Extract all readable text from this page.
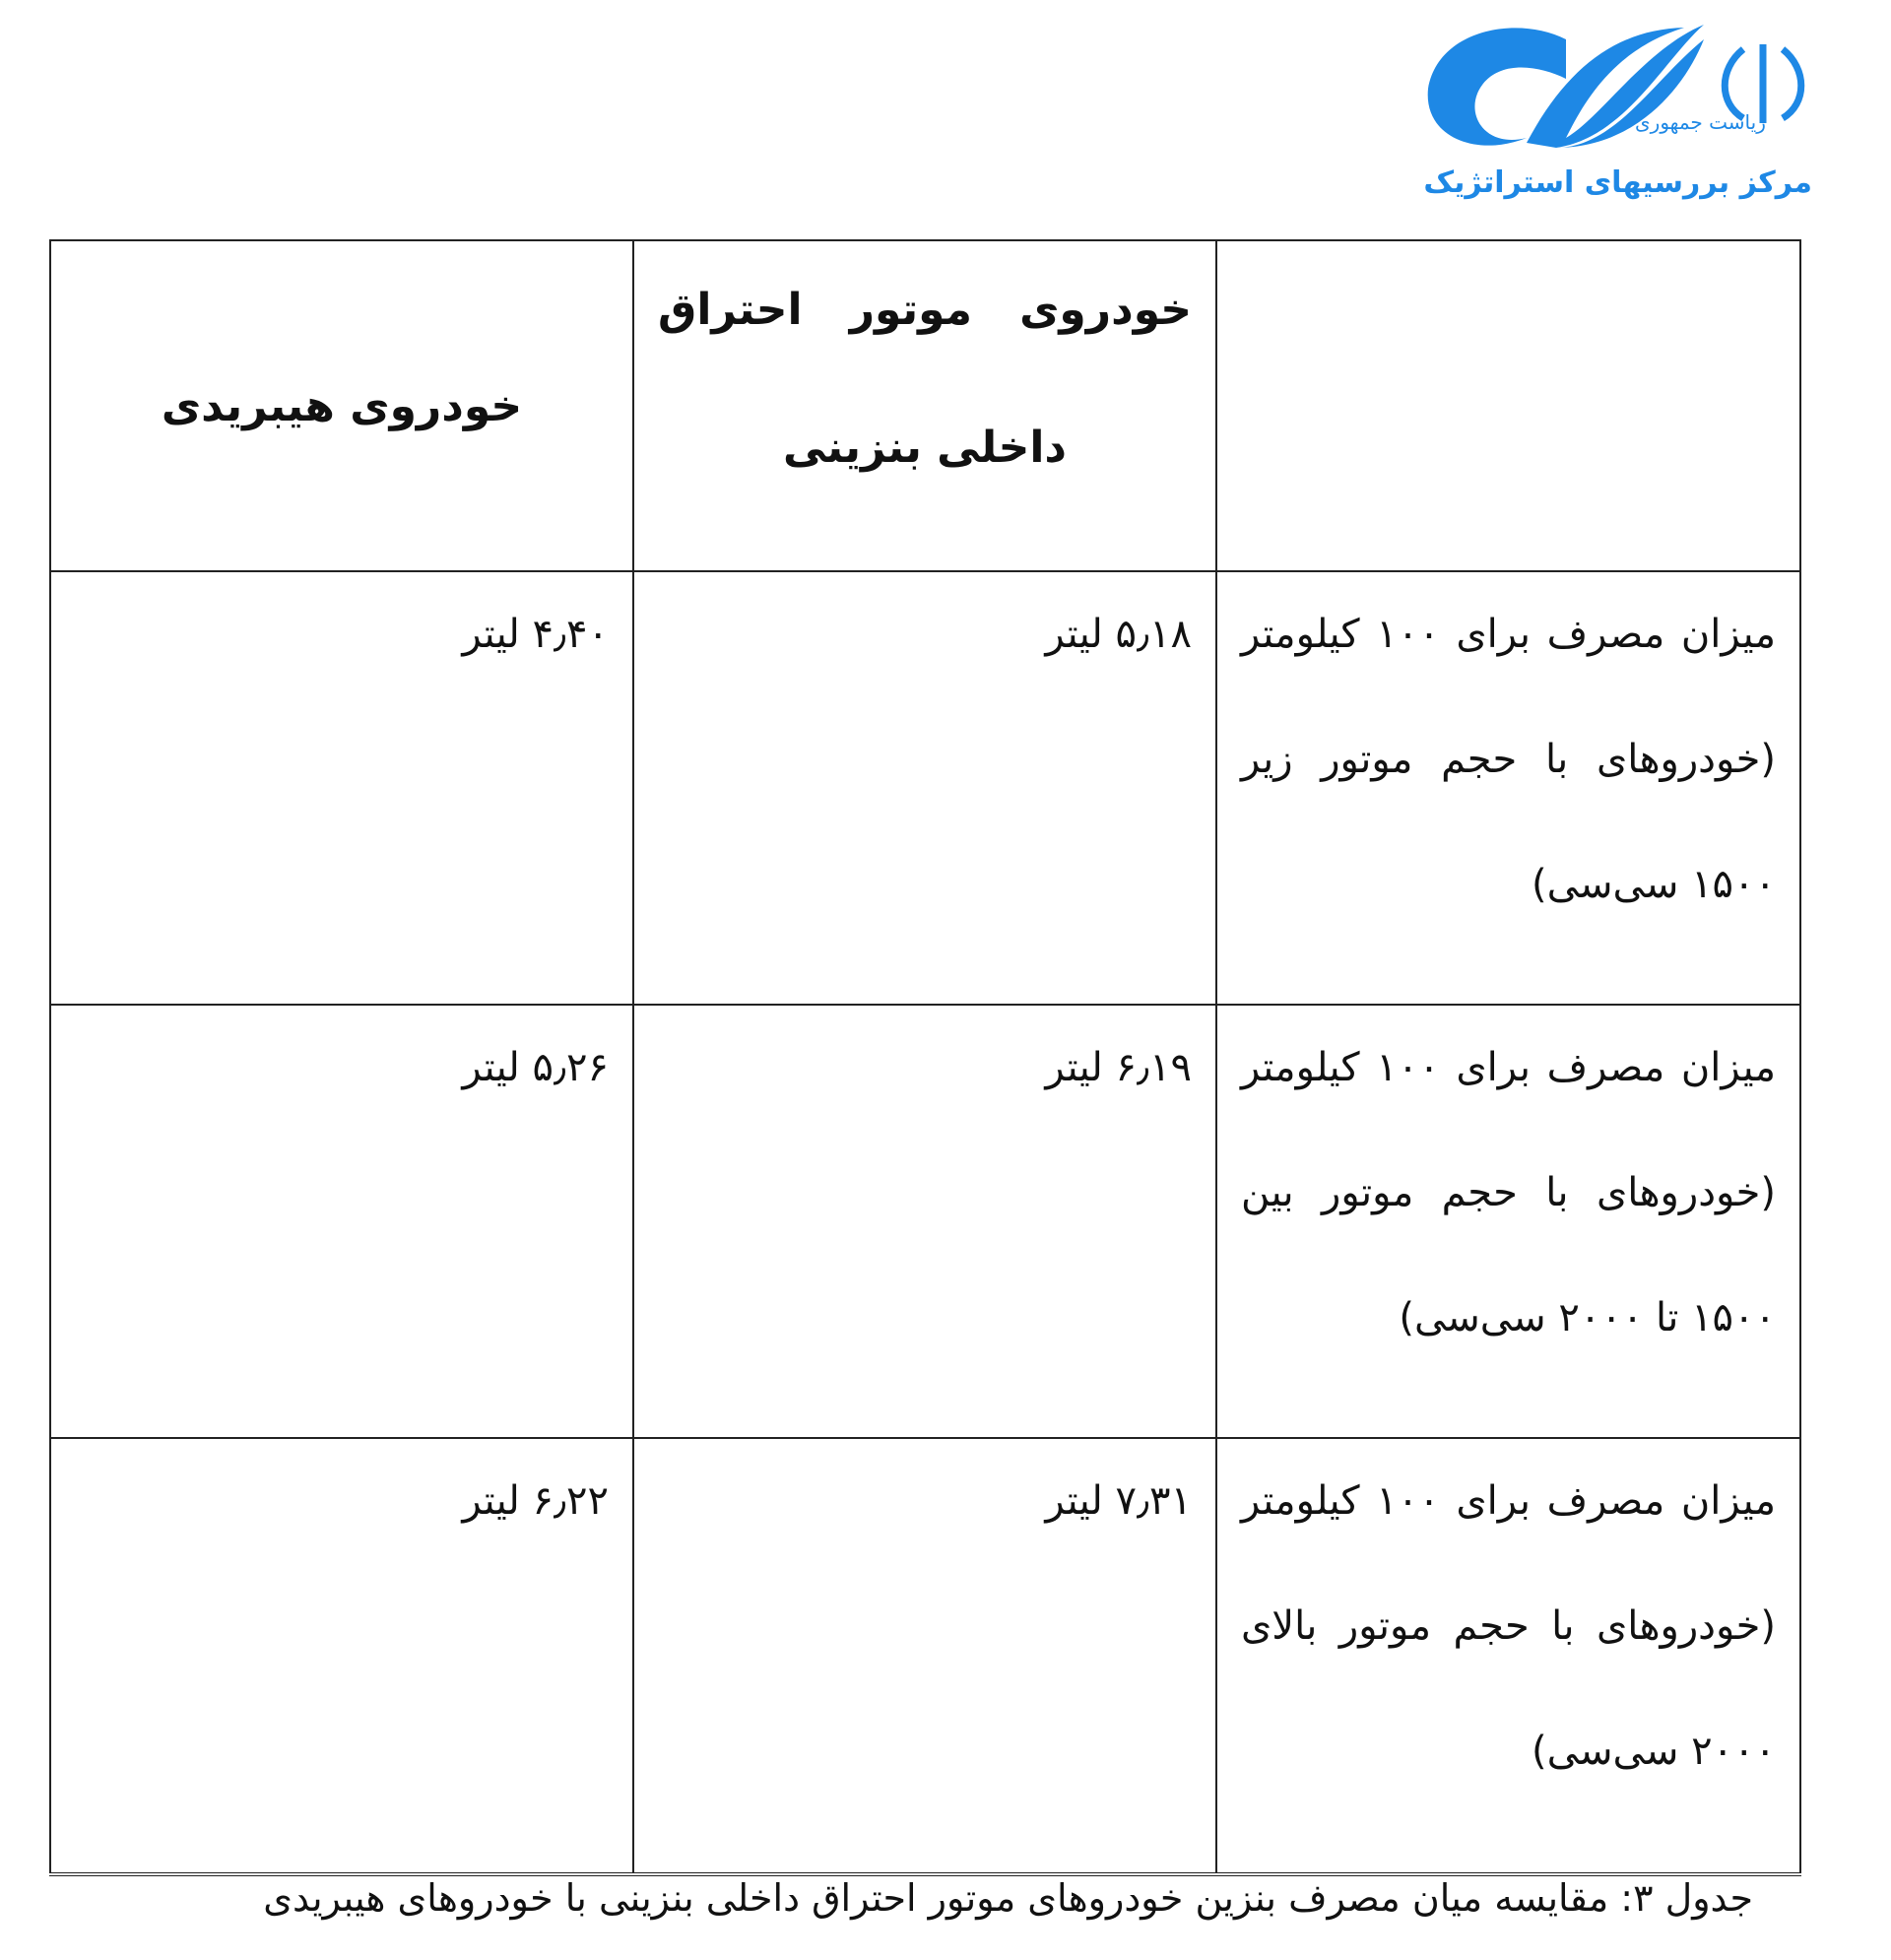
ریاست جمهوری
مرکز بررسیهای استراتژیک
	خودروی موتور احتراق داخلی بنزینی	خودروی هیبریدی
میزان مصرف برای ۱۰۰ کیلومتر (خودروهای با حجم موتور زیر ۱۵۰۰ سی‌سی)	۵٫۱۸ لیتر	۴٫۴۰ لیتر
میزان مصرف برای ۱۰۰ کیلومتر (خودروهای با حجم موتور بین ۱۵۰۰ تا ۲۰۰۰ سی‌سی)	۶٫۱۹ لیتر	۵٫۲۶ لیتر
میزان مصرف برای ۱۰۰ کیلومتر (خودروهای با حجم موتور بالای ۲۰۰۰ سی‌سی)	۷٫۳۱ لیتر	۶٫۲۲ لیتر
جدول ۳: مقایسه میان مصرف بنزین خودروهای موتور احتراق داخلی بنزینی با خودروهای هیبریدی
